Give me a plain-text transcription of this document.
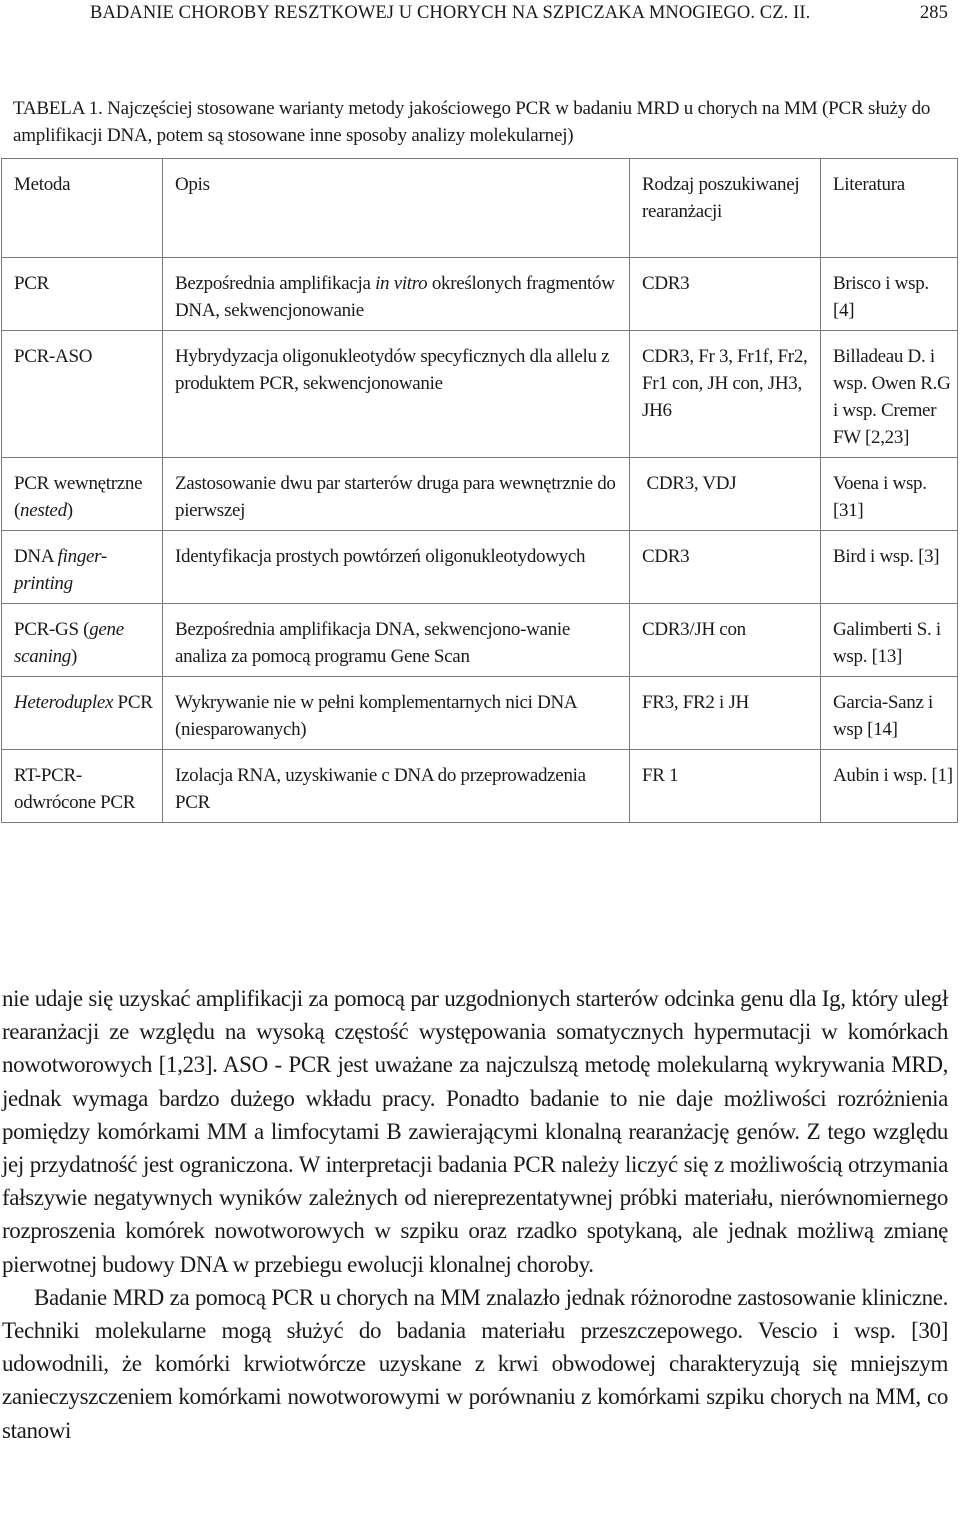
BADANIE CHOROBY RESZTKOWEJ U CHORYCH NA SZPICZAKA MNOGIEGO. CZ. II.	285
TABELA 1. Najczęściej stosowane warianty metody jakościowego PCR w badaniu MRD u chorych na MM (PCR służy do amplifikacji DNA, potem są stosowane inne sposoby analizy molekularnej)
Metoda	Opis	Rodzaj poszukiwanej rearanżacji	Literatura
PCR	Bezpośrednia amplifikacja in vitro określonych fragmentów DNA, sekwencjonowanie	CDR3	Brisco i wsp. [4]
PCR-ASO	Hybrydyzacja oligonukleotydów specyficznych dla allelu z produktem PCR, sekwencjonowanie	CDR3, Fr 3, Fr1f, Fr2, Fr1 con, JH con, JH3, JH6	Billadeau D. i wsp. Owen R.G i wsp. Cremer FW [2,23]
PCR wewnętrzne (nested)	Zastosowanie dwu par starterów druga para wewnętrznie do pierwszej	CDR3, VDJ	Voena i wsp.[31]
DNA finger-printing	Identyfikacja prostych powtórzeń oligonukleotydowych	CDR3	Bird i wsp. [3]
PCR-GS (gene scaning)	Bezpośrednia amplifikacja DNA, sekwencjono-wanie analiza za pomocą programu Gene Scan	CDR3/JH con	Galimberti S. i wsp. [13]
Heteroduplex PCR	Wykrywanie nie w pełni komplementarnych nici DNA (niesparowanych)	FR3, FR2 i JH	Garcia-Sanz i wsp [14]
RT-PCR-odwrócone PCR	Izolacja RNA, uzyskiwanie c DNA do przeprowadzenia PCR	FR 1	Aubin i wsp. [1]

nie udaje się uzyskać amplifikacji za pomocą par uzgodnionych starterów odcinka genu dla Ig, który uległ rearanżacji ze względu na wysoką częstość występowania somatycznych hypermutacji w komórkach nowotworowych [1,23]. ASO - PCR jest uważane za najczulszą metodę molekularną wykrywania MRD, jednak wymaga bardzo dużego wkładu pracy. Ponadto badanie to nie daje możliwości rozróżnienia pomiędzy komórkami MM a limfocytami B zawierającymi klonalną rearanżację genów. Z tego względu jej przydatność jest ograniczona. W interpretacji badania PCR należy liczyć się z możliwością otrzymania fałszywie negatywnych wyników zależnych od niereprezentatywnej próbki materiału, nierównomiernego rozproszenia komórek nowotworowych w szpiku oraz rzadko spotykaną, ale jednak możliwą zmianę pierwotnej budowy DNA w przebiegu ewolucji klonalnej choroby.

Badanie MRD za pomocą PCR u chorych na MM znalazło jednak różnorodne zastosowanie kliniczne. Techniki molekularne mogą służyć do badania materiału przeszczepowego. Vescio i wsp. [30] udowodnili, że komórki krwiotwórcze uzyskane z krwi obwodowej charakteryzują się mniejszym zanieczyszczeniem komórkami nowotworowymi w porównaniu z komórkami szpiku chorych na MM, co stanowi
